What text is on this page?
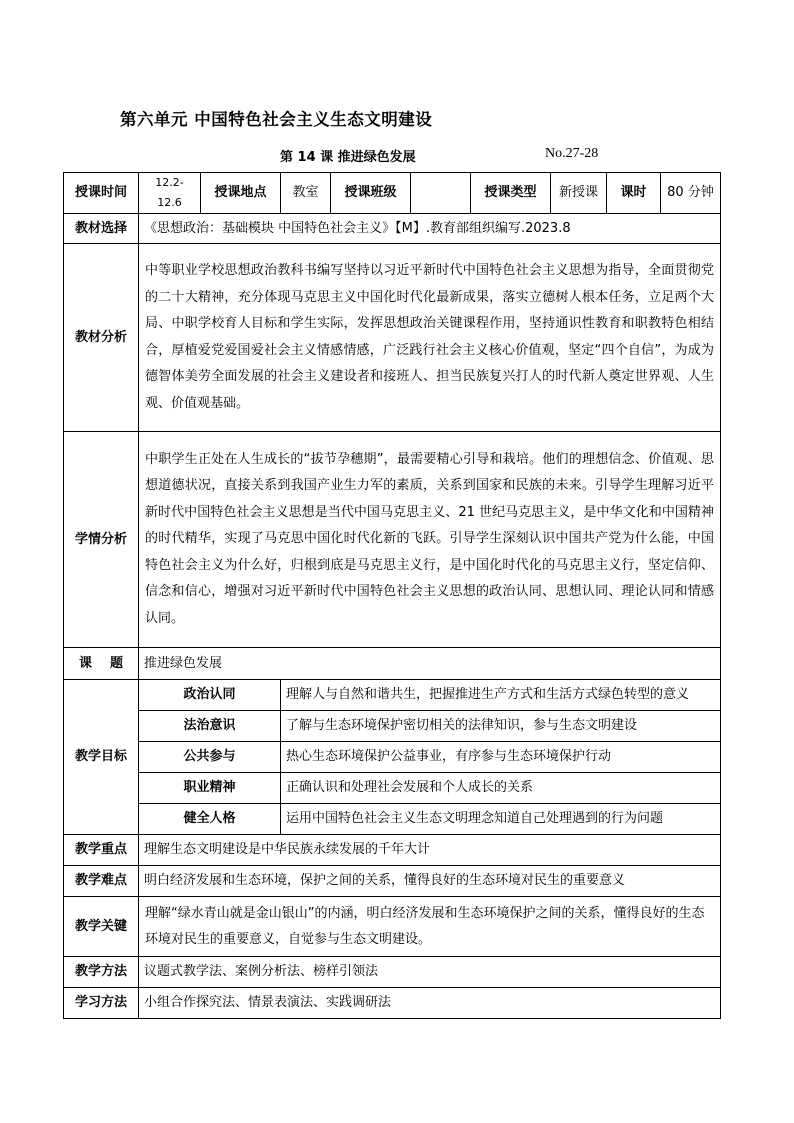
第六单元 中国特色社会主义生态文明建设
第 14 课 推进绿色发展	No.27-28
授课时间	12.2-12.6	授课地点	教室	授课班级		授课类型	新授课	课时	80 分钟
教材选择	《思想政治：基础模块 中国特色社会主义》【M】.教育部组织编写.2023.8								
教材分析	中等职业学校思想政治教科书编写坚持以习近平新时代中国特色社会主义思想为指导，全面贯彻党的二十大精神，充分体现马克思主义中国化时代化最新成果，落实立德树人根本任务，立足两个大局、中职学校育人目标和学生实际，发挥思想政治关键课程作用，坚持通识性教育和职教特色相结合，厚植爱党爱国爱社会主义情感情感，广泛践行社会主义核心价值观，坚定“四个自信”，为成为德智体美劳全面发展的社会主义建设者和接班人、担当民族复兴打人的时代新人奠定世界观、人生观、价值观基础。								
学情分析	中职学生正处在人生成长的“拔节孕穗期”，最需要精心引导和栽培。他们的理想信念、价值观、思想道德状况，直接关系到我国产业生力军的素质，关系到国家和民族的未来。引导学生理解习近平新时代中国特色社会主义思想是当代中国马克思主义、21 世纪马克思主义，是中华文化和中国精神的时代精华，实现了马克思中国化时代化新的飞跃。引导学生深刻认识中国共产党为什么能，中国特色社会主义为什么好，归根到底是马克思主义行，是中国化时代化的马克思主义行，坚定信仰、信念和信心，增强对习近平新时代中国特色社会主义思想的政治认同、思想认同、理论认同和情感认同。								
课    题	推进绿色发展								
教学目标	政治认同		理解人与自然和谐共生，把握推进生产方式和生活方式绿色转型的意义						
	法治意识		了解与生态环境保护密切相关的法律知识，参与生态文明建设						
	公共参与		热心生态环境保护公益事业，有序参与生态环境保护行动						
	职业精神		正确认识和处理社会发展和个人成长的关系						
	健全人格		运用中国特色社会主义生态文明理念知道自己处理遇到的行为问题						
教学重点	理解生态文明建设是中华民族永续发展的千年大计								
教学难点	明白经济发展和生态环境，保护之间的关系，懂得良好的生态环境对民生的重要意义								
教学关键	理解“绿水青山就是金山银山”的内涵，明白经济发展和生态环境保护之间的关系，懂得良好的生态环境对民生的重要意义，自觉参与生态文明建设。								
教学方法	议题式教学法、案例分析法、榜样引领法								
学习方法	小组合作探究法、情景表演法、实践调研法								
